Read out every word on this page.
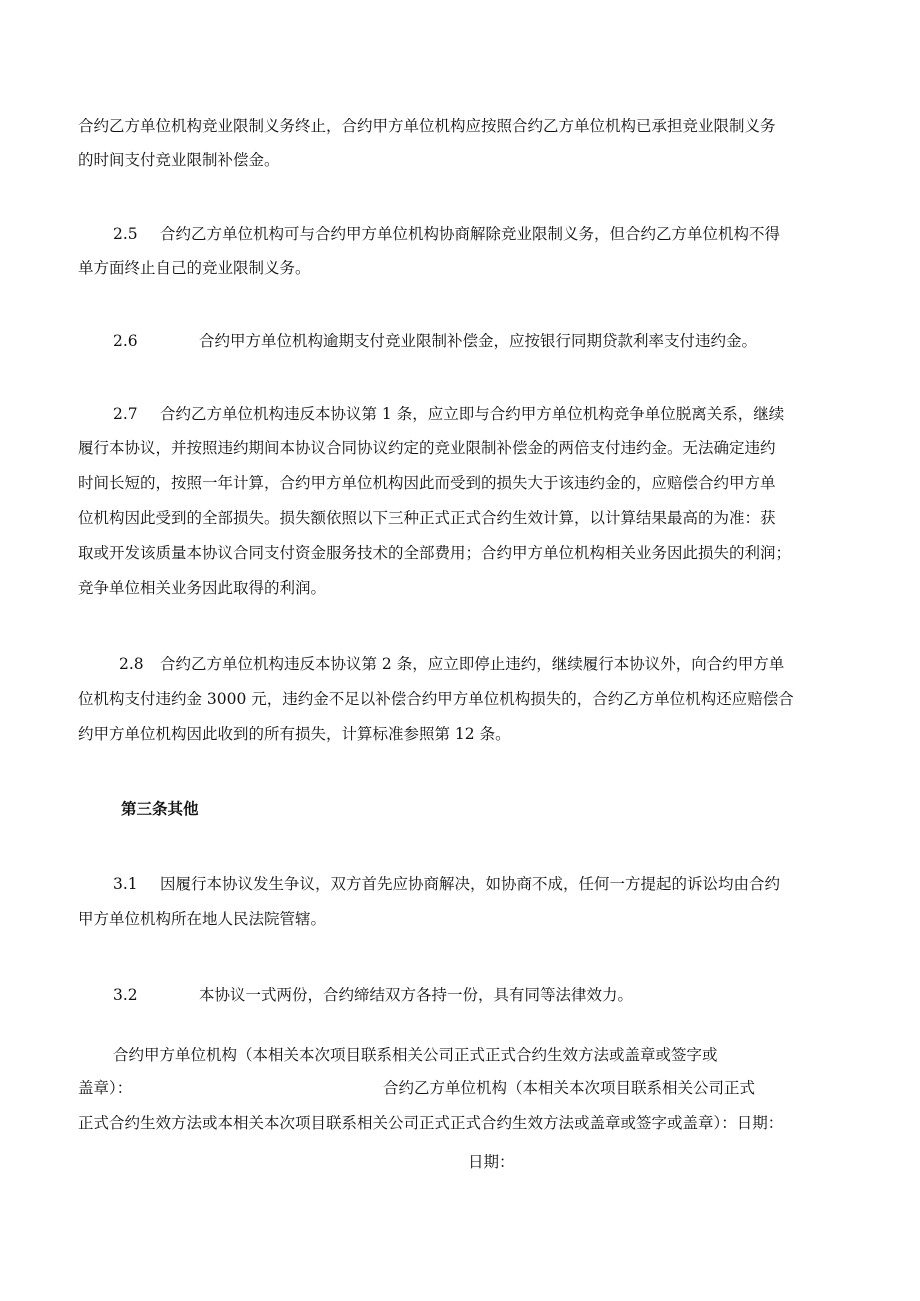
合约乙方单位机构竞业限制义务终止，合约甲方单位机构应按照合约乙方单位机构已承担竞业限制义务
的时间支付竞业限制补偿金。
2.5 合约乙方单位机构可与合约甲方单位机构协商解除竞业限制义务，但合约乙方单位机构不得
单方面终止自己的竞业限制义务。
2.6	合约甲方单位机构逾期支付竞业限制补偿金，应按银行同期贷款利率支付违约金。
2.7 合约乙方单位机构违反本协议第 1 条，应立即与合约甲方单位机构竞争单位脱离关系，继续
履行本协议，并按照违约期间本协议合同协议约定的竞业限制补偿金的两倍支付违约金。无法确定违约
时间长短的，按照一年计算，合约甲方单位机构因此而受到的损失大于该违约金的，应赔偿合约甲方单
位机构因此受到的全部损失。损失额依照以下三种正式正式合约生效计算，以计算结果最高的为准：获
取或开发该质量本协议合同支付资金服务技术的全部费用；合约甲方单位机构相关业务因此损失的利润；
竞争单位相关业务因此取得的利润。
2.8 合约乙方单位机构违反本协议第 2 条，应立即停止违约，继续履行本协议外，向合约甲方单
位机构支付违约金 3000 元，违约金不足以补偿合约甲方单位机构损失的，合约乙方单位机构还应赔偿合
约甲方单位机构因此收到的所有损失，计算标准参照第 12 条。
第三条其他
3.1 因履行本协议发生争议，双方首先应协商解决，如协商不成，任何一方提起的诉讼均由合约
甲方单位机构所在地人民法院管辖。
3.2	本协议一式两份，合约缔结双方各持一份，具有同等法律效力。
合约甲方单位机构（本相关本次项目联系相关公司正式正式合约生效方法或盖章或签字或
盖章）：	合约乙方单位机构（本相关本次项目联系相关公司正式
正式合约生效方法或本相关本次项目联系相关公司正式正式合约生效方法或盖章或签字或盖章）：日期：
日期：
